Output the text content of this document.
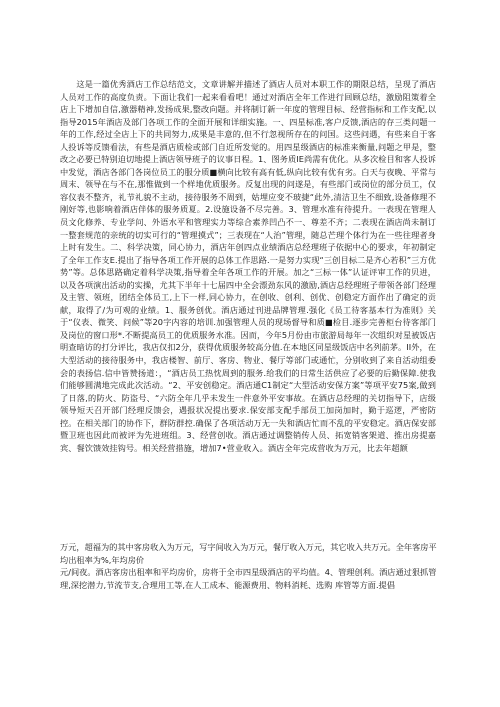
这是一篇优秀酒店工作总结范文，文章讲解并描述了酒店人员对本职工作的期限总结，呈现了酒店人员对工作的高度负责。下面让我们一起来看看吧！通过对酒店全年工作进行回顾总结，激励阻策着全店上下增加自信,激器精神,发扬成果,整改向题。并将制订新一年度的管理目标、经营指标和工作支配,以指导2015年酒店及部门各项工作的全面开展和详细实施。一、四星标准,客户反馈,酒店的存三类问题一年的工作,经过全店上下的共同努力,成果是丰意的,但不行忽视所存在的问国。这些问遇，有些来自于客人投诉等反馈看法，有些是酒店质检或部门自近所发觉的。用四星级酒店的标准来衡量,问题之甲是，整改之必要已特别迫切地提上酒店领导班子的议事日程。1、图务质IE尚需有优化。从多次检目和客人投诉中发觉，酒店各部门各岗位员工的服分质■横向比较有高有低,纵向比较有优有劣。白天与夜晚、平常与周末、领导在与不在,那惟做到一个样地优质服务。反复出现的问遂是，有些部门或岗位的部分员工，仅容仪表不整齐，礼节礼貌不主动，接待服务不周到，姑埋应变不玻捷“此外,清洁卫生不细致,设备修理不刚好等,也影响着酒店伴体的服务质夏。2.设施设备不尽完善。3、管理水准有待提升。一表现在管理人员文化修养、专业学问、外语水平和管理实力等综合素养凹凸不一、尊差不齐；二表现在酒店尚未制订一整套规范的亲统的切实可行的“管理摸式”；三表现在“人治”管理，随总芒理个体行为在一些往理者身上时有发生。二、科学决策，同心协力，酒店年创四点业绩酒店总经理班子依据中心的要求，年初制定了全年工作支E.提出了指导各项工作开展的总体工作思路.一是努力实现“三创目标二是齐心若积”三方优势”等。总体思路确定着科学决策,指导着全年各项工作的开展。加之“三标一体”认证评审工作的贝进，以及各项演出活动的实操，尤其下半年十七届四中全会漂劲东风的激励,酒店总经理班子带领各部门经理及主管、领班，团结全体员工,上下一样,同心协力，在创收、创利、创优、创稳定方面作出了确定的贡献，取得了/为可观的业绩。1、服务创优。酒店通过刊进品牌管理.强化《员工待客基本行为准则》关于“仪表、微笑、问候”等20字内容的培训.加强管理人员的现场督导和质■检目.逐步完善柜台待客部门及岗位的窗口形*.不断提高员工的优质服务水准。因而，今年5月份由市旅游局每年一次组织对星被饭店明查暗访的打分评比，我店仅扣2分，获得优质服务较高分值.在本地区同星级饭店中名列前茅。II外，在大型活动的接待服务中，我店楼智、前厅、客房、物业、餐厅等部门或通忙，分别收到了来自活动组委会的表扬信.信中皆赞扬道：，“酒店员工热忱周到的服务.给我们的日常生活供应了必要的后勤保障.使我们能够圆满地完成此次活动。“2、平安创稳定。酒店通C1制定“大型活动安保方案”等项平安75案,做到了日落,的防火、防盗号、“六防全年几乎未发生一件意外平安事故。在酒店总经理的关切指导下，店级领导短天召开部门经理反馈会，遇报状况提出要求.保安部支配手部员工加岗加时，勤于巡逻，严密防控。在相关部门的协作下，群防群控.确保了各项活动万无一失和酒店忙而不乱的平安稳定。酒店保安部暨卫班也因此而被评为先进班组。3、经营创收。酒店通过调整销传人员、拓宽销客架道、推出房提嘉宾、餐饮馈效挂钩号。相关经营措施，增加7•营业收入。酒店全年完成营收为万元，比去年超额

万元，超福为的其中客房收入为万元，写字间收入为万元，餐厅收入万元，其它收入共万元。全年客房平均出租率为%,年均房价
元/间夜。酒店客房出租率和平均房价，房将于全市四星级酒店的平均值。4、管理创利。酒店通过狠抓管理,深挖潜力,节流节支,合理用工等,在人工成本、能源费用、物料消耗、选购 库管等方面.提倡
